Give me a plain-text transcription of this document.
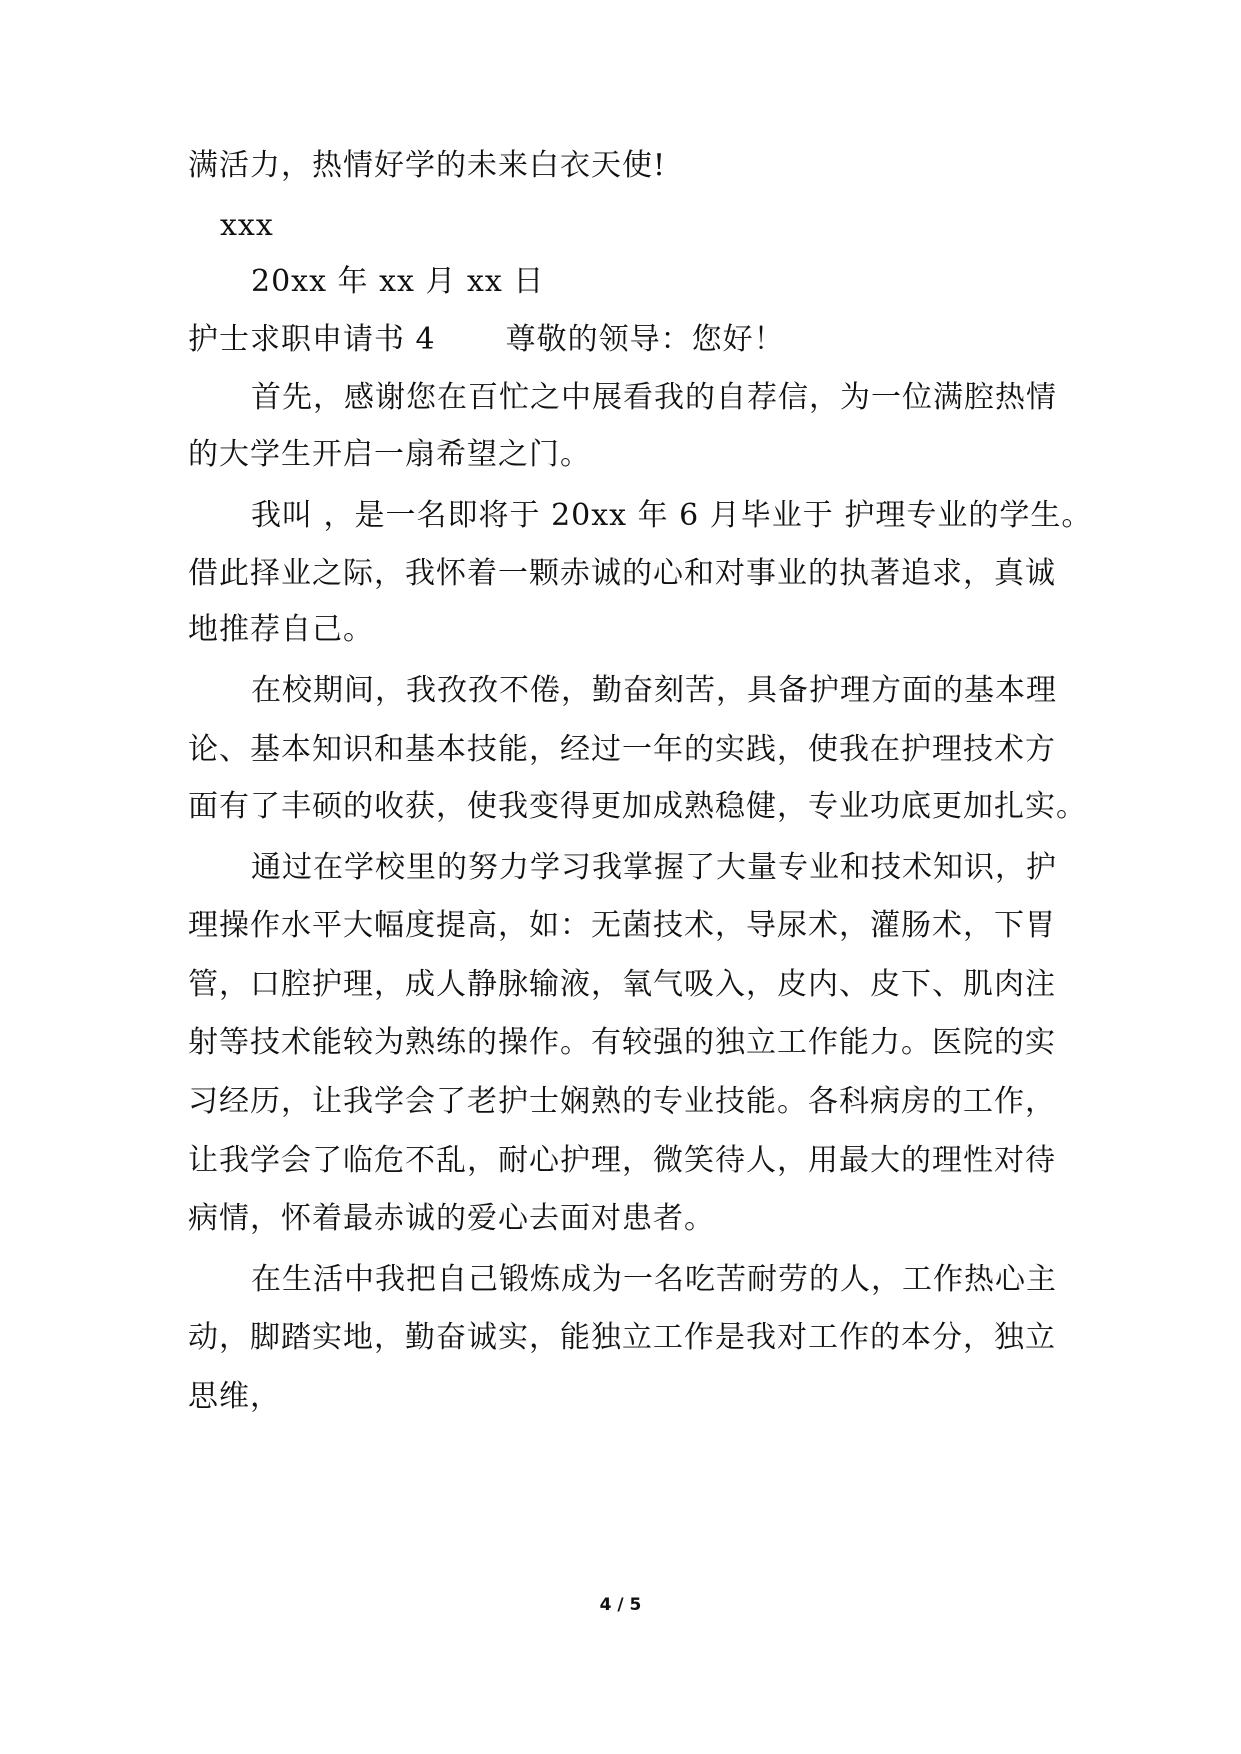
满活力，热情好学的未来白衣天使!
xxx
20xx 年 xx 月 xx 日
护士求职申请书 4 尊敬的领导：您好！
首先，感谢您在百忙之中展看我的自荐信，为一位满腔热情
的大学生开启一扇希望之门。
我叫 ，是一名即将于 20xx 年 6 月毕业于 护理专业的学生。
借此择业之际，我怀着一颗赤诚的心和对事业的执著追求，真诚
地推荐自己。
在校期间，我孜孜不倦，勤奋刻苦，具备护理方面的基本理
论、基本知识和基本技能，经过一年的实践，使我在护理技术方
面有了丰硕的收获，使我变得更加成熟稳健，专业功底更加扎实。
通过在学校里的努力学习我掌握了大量专业和技术知识，护
理操作水平大幅度提高，如：无菌技术，导尿术，灌肠术，下胃
管，口腔护理，成人静脉输液，氧气吸入，皮内、皮下、肌肉注
射等技术能较为熟练的操作。有较强的独立工作能力。医院的实
习经历，让我学会了老护士娴熟的专业技能。各科病房的工作，
让我学会了临危不乱，耐心护理，微笑待人，用最大的理性对待
病情，怀着最赤诚的爱心去面对患者。
在生活中我把自己锻炼成为一名吃苦耐劳的人，工作热心主
动，脚踏实地，勤奋诚实，能独立工作是我对工作的本分，独立
思维，
4 / 5
